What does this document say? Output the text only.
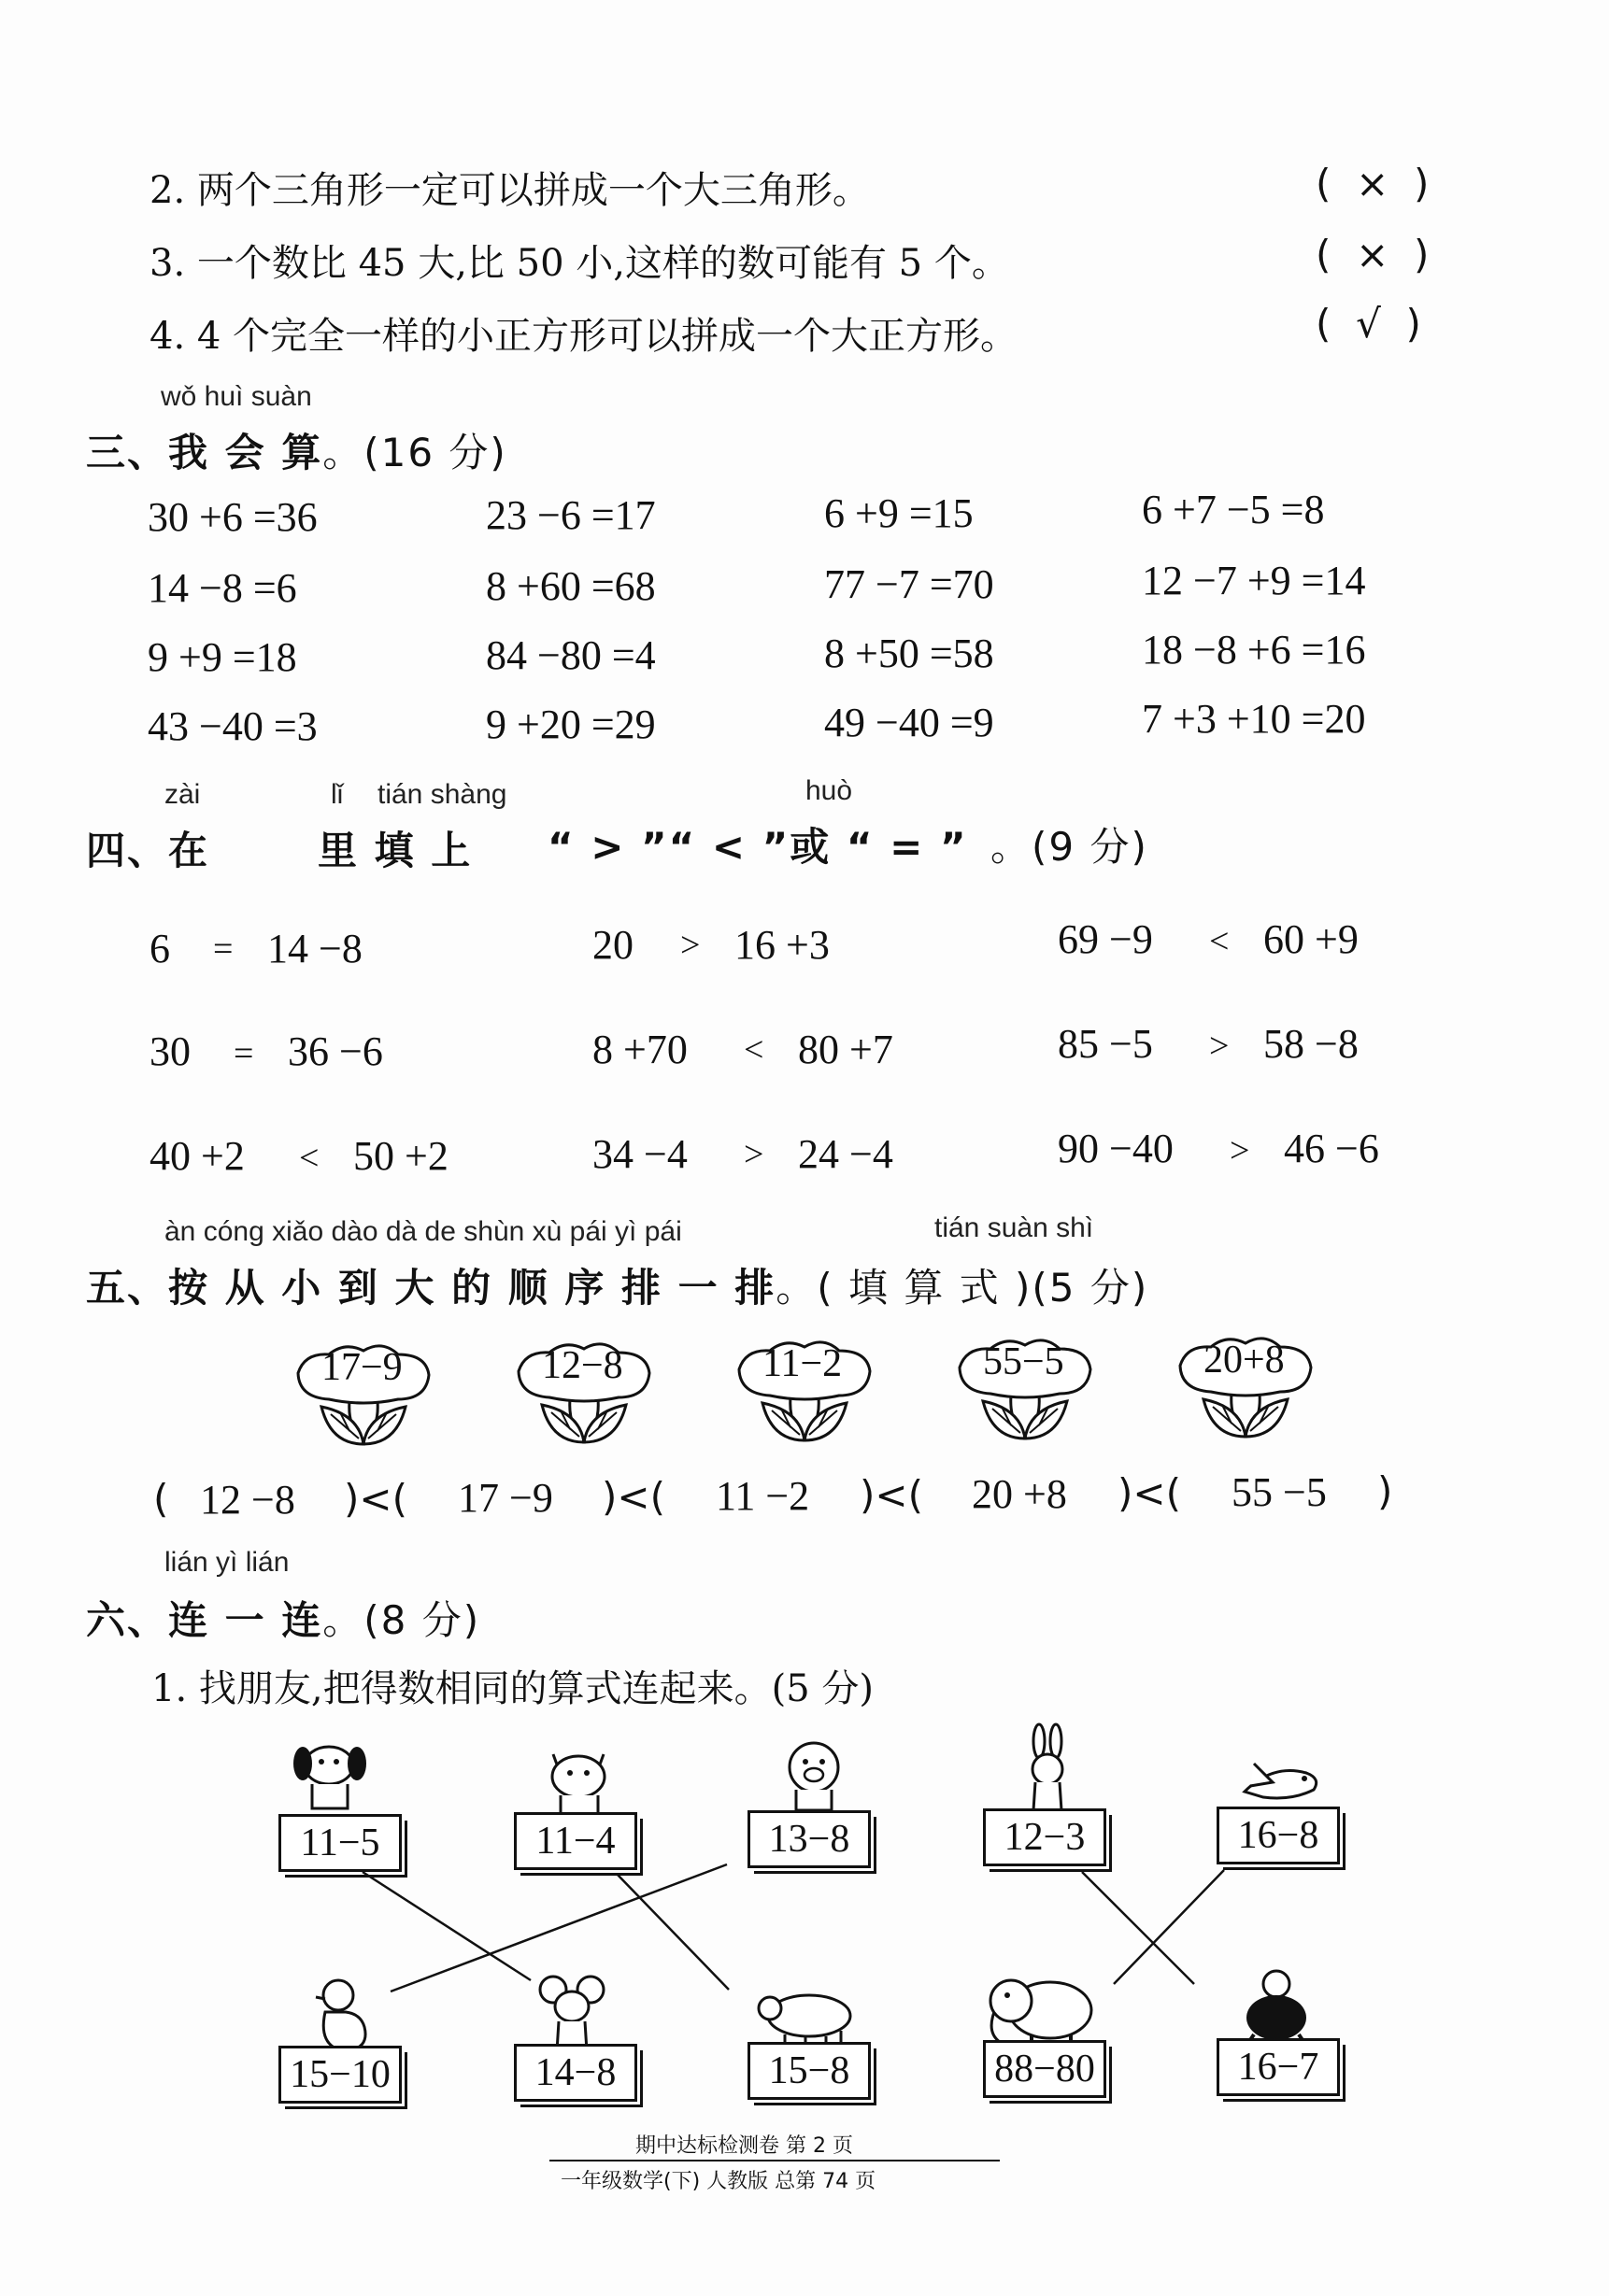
2. 两个三角形一定可以拼成一个大三角形。	(  ×  )
3. 一个数比 45 大,比 50 小,这样的数可能有 5 个。	(  ×  )
4. 4 个完全一样的小正方形可以拼成一个大正方形。	(  √  )
wǒ huì suàn
三、我 会 算。(16 分)
30 +6 =36	23 −6 =17	6 +9 =15	6 +7 −5 =8
14 −8 =6	8 +60 =68	77 −7 =70	12 −7 +9 =14
9 +9 =18	84 −80 =4	8 +50 =58	18 −8 +6 =16
43 −40 =3	9 +20 =29	49 −40 =9	7 +3 +10 =20
zài	lǐ tián shàng	huò
四、在	里 填 上 “ > ”“ < ”或 “ = ” 。(9 分)
6 = 14 −8	20 > 16 +3	69 −9 < 60 +9
30 = 36 −6	8 +70 < 80 +7	85 −5 > 58 −8
40 +2 < 50 +2	34 −4 > 24 −4	90 −40 > 46 −6
àn cóng xiǎo dào dà de shùn xù pái yì pái	tián suàn shì
五、按 从 小 到 大 的 顺 序 排 一 排。( 填 算 式 )(5 分)
17−9	12−8	11−2	55−5	20+8
( 12 −8 )<( 17 −9 )<( 11 −2 )<( 20 +8 )<( 55 −5 )
lián yì lián
六、连 一 连。(8 分)
1. 找朋友,把得数相同的算式连起来。(5 分)
11−5	11−4	13−8	12−3	16−8
15−10	14−8	15−8	88−80	16−7
期中达标检测卷 第 2 页
一年级数学(下) 人教版 总第 74 页
